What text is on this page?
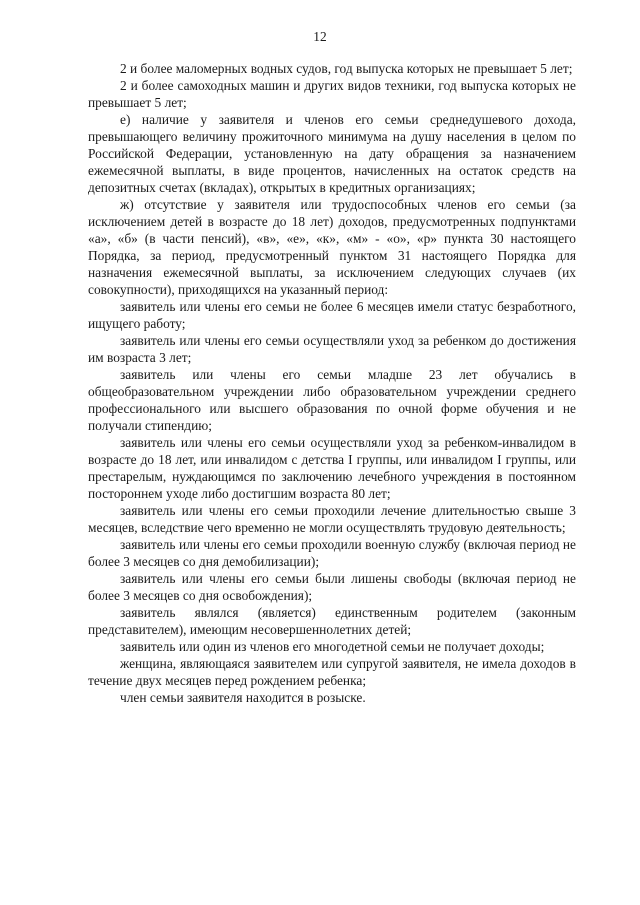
12

2 и более маломерных водных судов, год выпуска которых не превышает 5 лет;

2 и более самоходных машин и других видов техники, год выпуска которых не превышает 5 лет;

е) наличие у заявителя и членов его семьи среднедушевого дохода, превышающего величину прожиточного минимума на душу населения в целом по Российской Федерации, установленную на дату обращения за назначением ежемесячной выплаты, в виде процентов, начисленных на остаток средств на депозитных счетах (вкладах), открытых в кредитных организациях;

ж) отсутствие у заявителя или трудоспособных членов его семьи (за исключением детей в возрасте до 18 лет) доходов, предусмотренных подпунктами «а», «б» (в части пенсий), «в», «е», «к», «м» - «о», «р» пункта 30 настоящего Порядка, за период, предусмотренный пунктом 31 настоящего Порядка для назначения ежемесячной выплаты, за исключением следующих случаев (их совокупности), приходящихся на указанный период:

заявитель или члены его семьи не более 6 месяцев имели статус безработного, ищущего работу;

заявитель или члены его семьи осуществляли уход за ребенком до достижения им возраста 3 лет;

заявитель или члены его семьи младше 23 лет обучались в общеобразовательном учреждении либо образовательном учреждении среднего профессионального или высшего образования по очной форме обучения и не получали стипендию;

заявитель или члены его семьи осуществляли уход за ребенком-инвалидом в возрасте до 18 лет, или инвалидом с детства I группы, или инвалидом I группы, или престарелым, нуждающимся по заключению лечебного учреждения в постоянном постороннем уходе либо достигшим возраста 80 лет;

заявитель или члены его семьи проходили лечение длительностью свыше 3 месяцев, вследствие чего временно не могли осуществлять трудовую деятельность;

заявитель или члены его семьи проходили военную службу (включая период не более 3 месяцев со дня демобилизации);

заявитель или члены его семьи были лишены свободы (включая период не более 3 месяцев со дня освобождения);

заявитель являлся (является) единственным родителем (законным представителем), имеющим несовершеннолетних детей;

заявитель или один из членов его многодетной семьи не получает доходы;

женщина, являющаяся заявителем или супругой заявителя, не имела доходов в течение двух месяцев перед рождением ребенка;

член семьи заявителя находится в розыске.
